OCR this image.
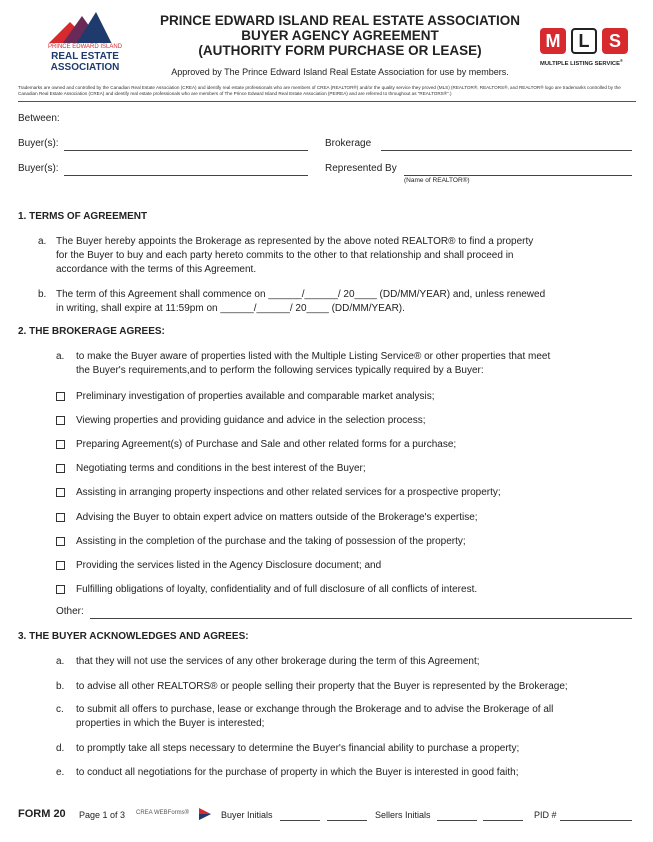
PRINCE EDWARD ISLAND
REAL ESTATE
ASSOCIATION
PRINCE EDWARD ISLAND REAL ESTATE ASSOCIATION
BUYER AGENCY AGREEMENT
(AUTHORITY FORM PURCHASE OR LEASE)
Approved by The Prince Edward Island Real Estate Association for use by members.
M	L	S
MULTIPLE LISTING SERVICE®
Trademarks are owned and controlled by the Canadian Real Estate Association (CREA) and identify real estate professionals who are members of CREA (REALTOR®) and/or the quality service they proved (MLS) (REALTOR®, REALTORS®, and REALTOR® logo are trademarks controlled by the Canadian Real Estate Association (CREA) and identify real estate professionals who are members of The Prince Edward Island Real Estate Association (PEIREA) and are referred to throughout as "REALTORS®".)
Between:
Buyer(s):	Brokerage
Buyer(s):	Represented By
(Name of REALTOR®)
1. TERMS OF AGREEMENT
a. The Buyer hereby appoints the Brokerage as represented by the above noted REALTOR® to find a property
for the Buyer to buy and each party hereto commits to the other to that relationship and shall proceed in
accordance with the terms of this Agreement.
b. The term of this Agreement shall commence on ______/______/ 20____ (DD/MM/YEAR) and, unless renewed
in writing, shall expire at 11:59pm on ______/______/ 20____ (DD/MM/YEAR).
2. THE BROKERAGE AGREES:
a. to make the Buyer aware of properties listed with the Multiple Listing Service® or other properties that meet
the Buyer's requirements,and to perform the following services typically required by a Buyer:
Preliminary investigation of properties available and comparable market analysis;
Viewing properties and providing guidance and advice in the selection process;
Preparing Agreement(s) of Purchase and Sale and other related forms for a purchase;
Negotiating terms and conditions in the best interest of the Buyer;
Assisting in arranging property inspections and other related services for a prospective property;
Advising the Buyer to obtain expert advice on matters outside of the Brokerage's expertise;
Assisting in the completion of the purchase and the taking of possession of the property;
Providing the services listed in the Agency Disclosure document; and
Fulfilling obligations of loyalty, confidentiality and of full disclosure of all conflicts of interest.
Other:
3. THE BUYER ACKNOWLEDGES AND AGREES:
a. that they will not use the services of any other brokerage during the term of this Agreement;
b. to advise all other REALTORS® or people selling their property that the Buyer is represented by the Brokerage;
c. to submit all offers to purchase, lease or exchange through the Brokerage and to advise the Brokerage of all
properties in which the Buyer is interested;
d. to promptly take all steps necessary to determine the Buyer's financial ability to purchase a property;
e. to conduct all negotiations for the purchase of property in which the Buyer is interested in good faith;
FORM 20 Page 1 of 3 CREA WEBForms®	Buyer Initials	Sellers Initials	PID #
